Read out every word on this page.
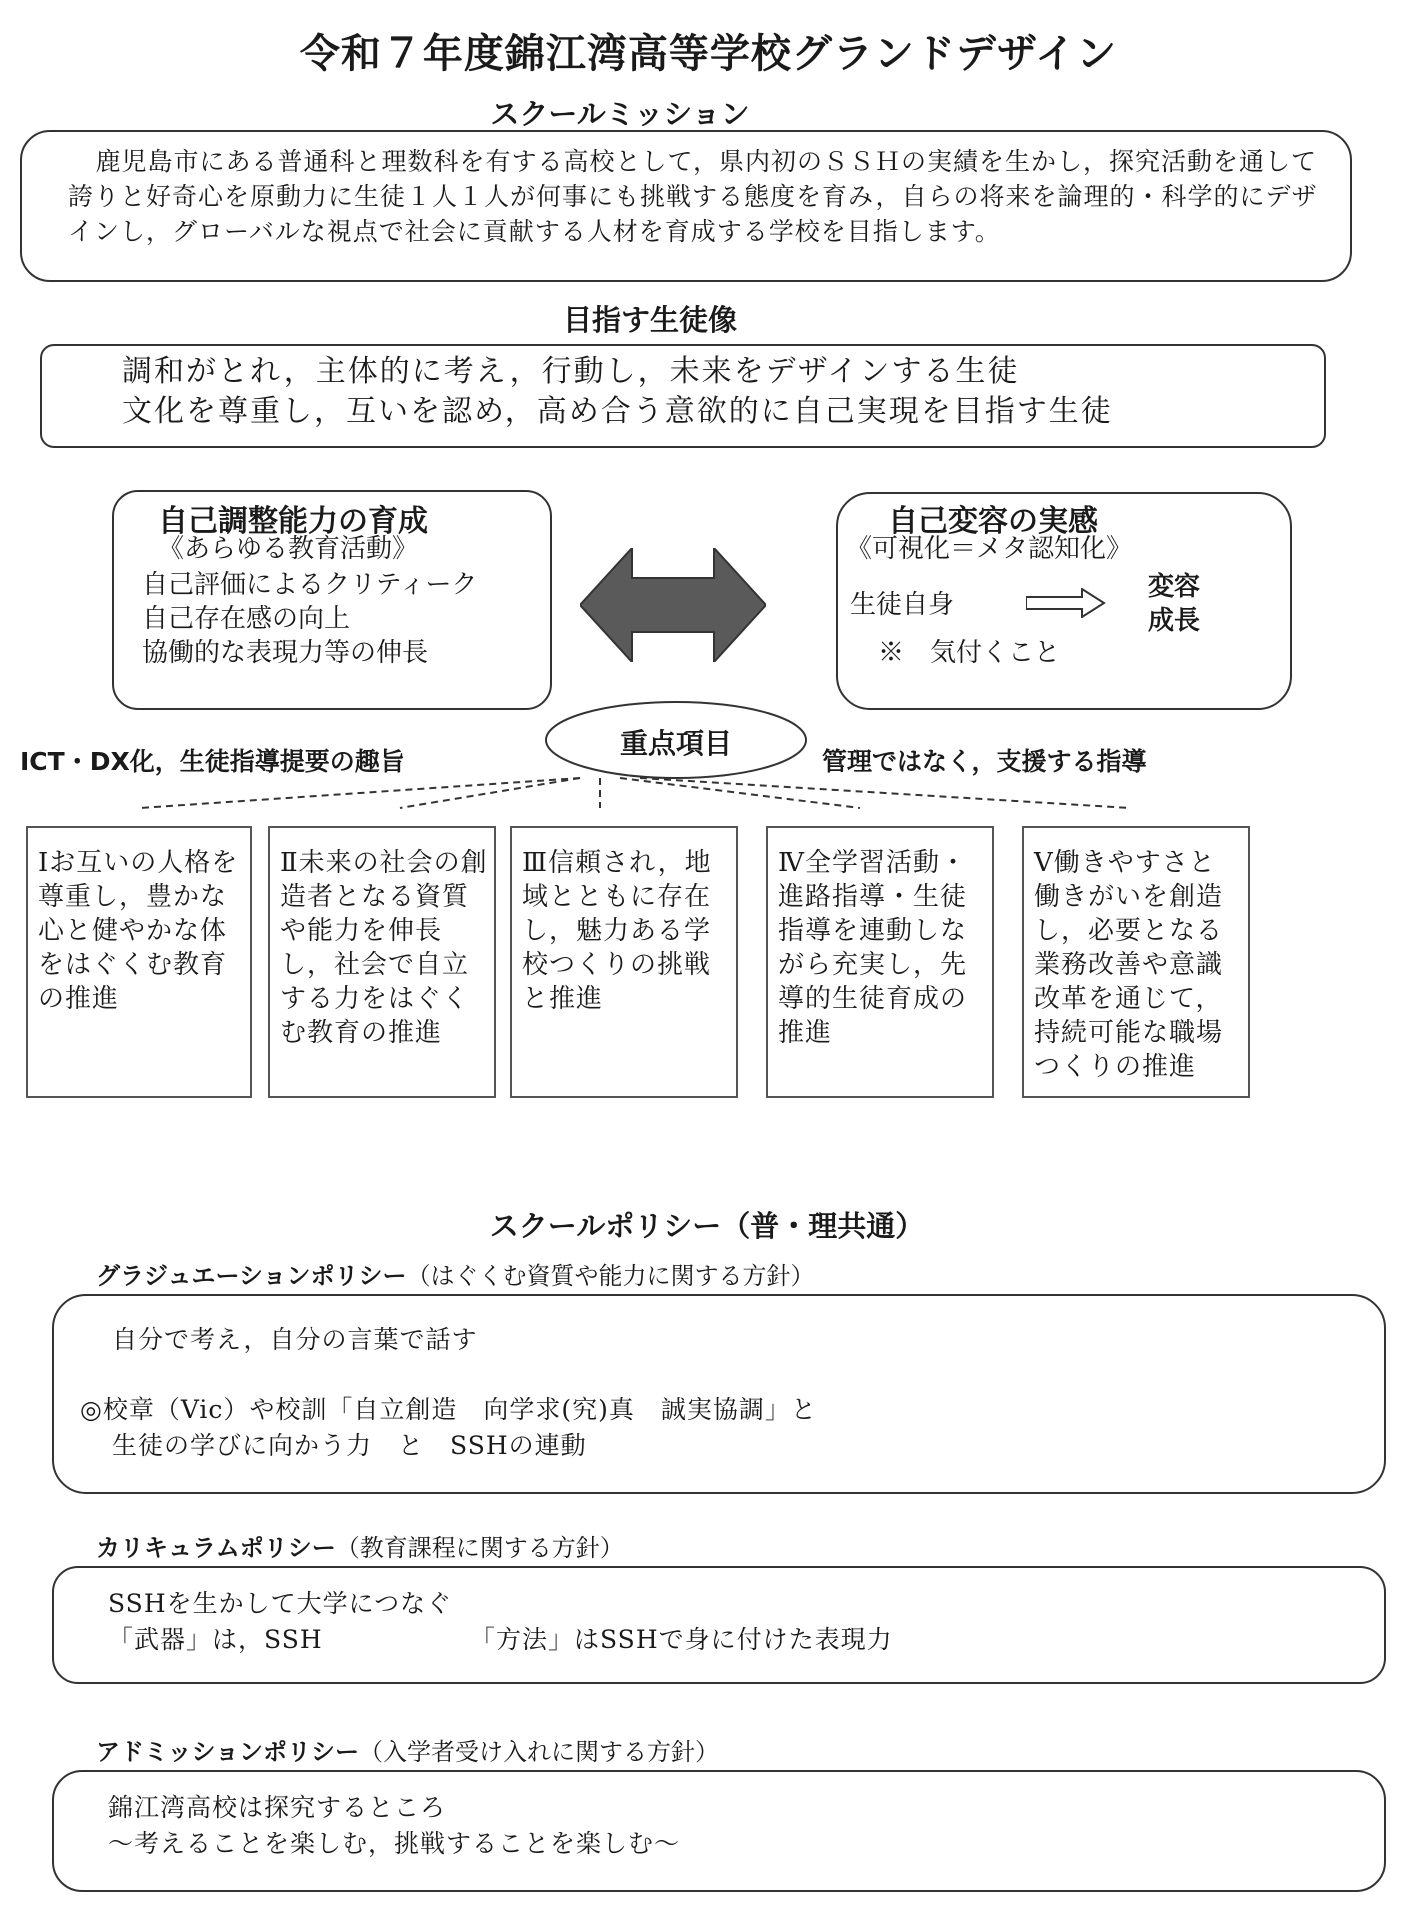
令和７年度錦江湾高等学校グランドデザイン
スクールミッション
鹿児島市にある普通科と理数科を有する高校として，県内初のＳＳＨの実績を生かし，探究活動を通して誇りと好奇心を原動力に生徒１人１人が何事にも挑戦する態度を育み，自らの将来を論理的・科学的にデザインし，グローバルな視点で社会に貢献する人材を育成する学校を目指します。
目指す生徒像

調和がとれ，主体的に考え，行動し，未来をデザインする生徒

文化を尊重し，互いを認め，高め合う意欲的に自己実現を目指す生徒

自己調整能力の育成
《あらゆる教育活動》
自己評価によるクリティーク
自己存在感の向上
協働的な表現力等の伸長
自己変容の実感
《可視化＝メタ認知化》
生徒自身
変容
成長
※　気付くこと
重点項目
ICT・DX化，生徒指導提要の趣旨	管理ではなく，支援する指導
Ⅰお互いの人格を尊重し，豊かな心と健やかな体をはぐくむ教育の推進
Ⅱ未来の社会の創造者となる資質や能力を伸長し，社会で自立する力をはぐくむ教育の推進
Ⅲ信頼され，地域とともに存在し，魅力ある学校つくりの挑戦と推進
Ⅳ全学習活動・進路指導・生徒指導を連動しながら充実し，先導的生徒育成の推進
Ⅴ働きやすさと働きがいを創造し，必要となる業務改善や意識改革を通じて，持続可能な職場つくりの推進
スクールポリシー（普・理共通）
グラジュエーションポリシー（はぐくむ資質や能力に関する方針）
自分で考え，自分の言葉で話す
◎校章（Vic）や校訓「自立創造　向学求(究)真　誠実協調」と
生徒の学びに向かう力　と　SSHの連動
カリキュラムポリシー（教育課程に関する方針）
SSHを生かして大学につなぐ
「武器」は，SSH	「方法」はSSHで身に付けた表現力
アドミッションポリシー（入学者受け入れに関する方針）
錦江湾高校は探究するところ
～考えることを楽しむ，挑戦することを楽しむ～
